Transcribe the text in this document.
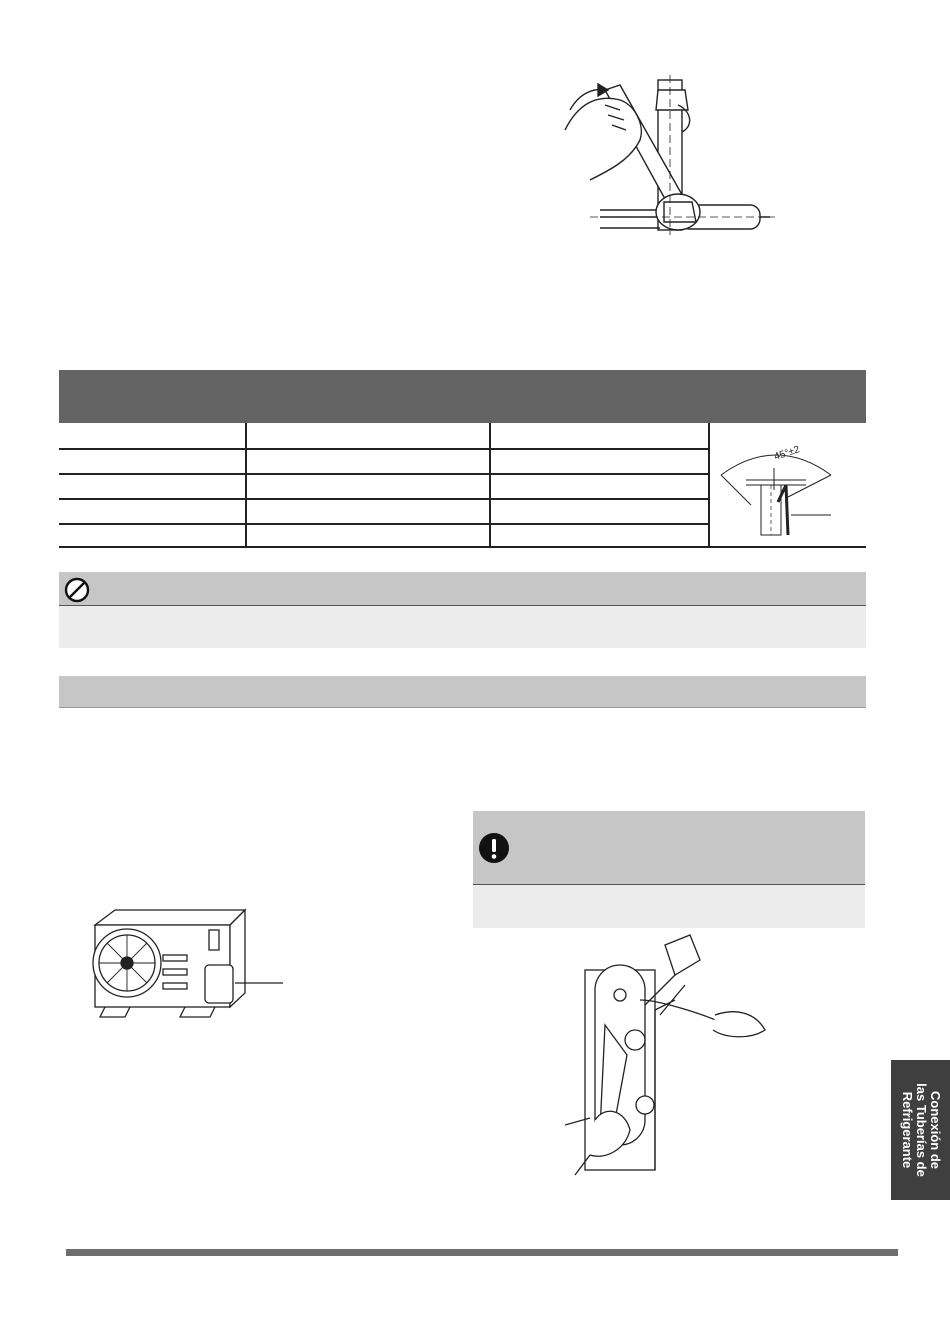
45°±2
Conexión de
las Tuberías de
Refrigerante
